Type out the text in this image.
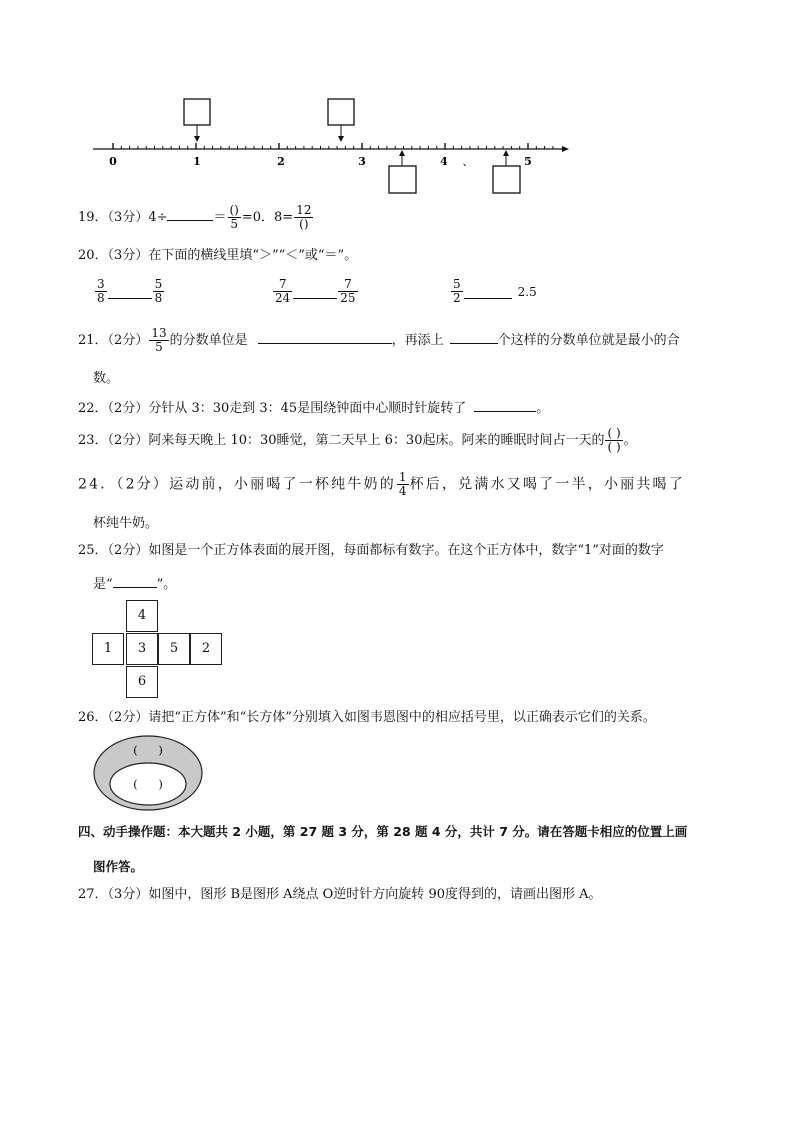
0	1	2	3	4 、	5
19．（3分）4÷	＝ $\frac{()}{5} =0$．$8= \frac{12}{()}$
20．（3分）在下面的横线里填“＞”“＜”或“＝”。
$\frac{3}{8}$	$\frac{5}{8}$	$\frac{7}{24}$	$\frac{7}{25}$	$\frac{5}{2}$	2.5
21．（2分） $\frac{13}{5}$ 的分数单位是	，再添上	个这样的分数单位就是最小的合
数。
22．（2分）分针从 3：30走到 3：45是围绕钟面中心顺时针旋转了	。
23．（2分）阿来每天晚上 10：30睡觉，第二天早上 6：30起床。阿来的睡眠时间占一天的 $\frac{( )}{( )}$ 。
24．（2分）运动前，小丽喝了一杯纯牛奶的 $\frac{1}{4}$ 杯后，兑满水又喝了一半，小丽共喝了
杯纯牛奶。
25．（2分）如图是一个正方体表面的展开图，每面都标有数字。在这个正方体中，数字“1”对面的数字
是“	”。
4
1	3	5	2
6
26．（2分）请把“正方体”和“长方体”分别填入如图韦恩图中的相应括号里，以正确表示它们的关系。
(      )
(      )
四、动手操作题：本大题共 2 小题，第 27 题 3 分，第 28 题 4 分，共计 7 分。请在答题卡相应的位置上画
图作答。
27．（3分）如图中，图形 B是图形 A绕点 O逆时针方向旋转 90度得到的，请画出图形 A。
